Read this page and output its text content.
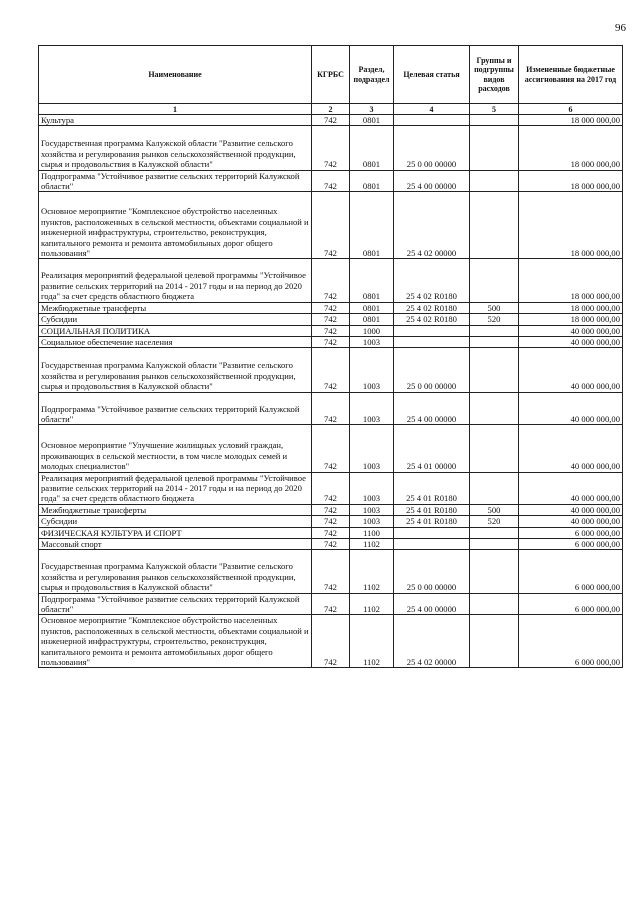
96
Наименование	КГРБС	Раздел, подраздел	Целевая статья	Группы и подгруппы видов расходов	Измененные бюджетные ассигнования на 2017 год
1	2	3	4	5	6

Культура	742	0801			18 000 000,00

Государственная программа Калужской области "Развитие сельского хозяйства и регулирования рынков сельскохозяйственной продукции, сырья и продовольствия в Калужской области"	742	0801	25 0 00 00000		18 000 000,00

Подпрограмма "Устойчивое развитие сельских территорий Калужской области"	742	0801	25 4 00 00000		18 000 000,00

Основное мероприятие "Комплексное обустройство населенных пунктов, расположенных в сельской местности, объектами социальной и инженерной инфраструктуры, строительство, реконструкция, капитального ремонта и ремонта автомобильных дорог общего пользования"	742	0801	25 4 02 00000		18 000 000,00

Реализация мероприятий федеральной целевой программы "Устойчивое развитие сельских территорий на 2014 - 2017 годы и на период до 2020 года" за счет средств областного бюджета	742	0801	25 4 02 R0180		18 000 000,00

Межбюджетные трансферты	742	0801	25 4 02 R0180	500	18 000 000,00

Субсидии	742	0801	25 4 02 R0180	520	18 000 000,00

СОЦИАЛЬНАЯ ПОЛИТИКА	742	1000			40 000 000,00

Социальное обеспечение населения	742	1003			40 000 000,00

Государственная программа Калужской области "Развитие сельского хозяйства и регулирования рынков сельскохозяйственной продукции, сырья и продовольствия в Калужской области"	742	1003	25 0 00 00000		40 000 000,00

Подпрограмма "Устойчивое развитие сельских территорий Калужской области"	742	1003	25 4 00 00000		40 000 000,00

Основное мероприятие "Улучшение жилищных условий граждан, проживающих в сельской местности, в том числе молодых семей и молодых специалистов"	742	1003	25 4 01 00000		40 000 000,00

Реализация мероприятий федеральной целевой программы "Устойчивое развитие сельских территорий на 2014 - 2017 годы и на период до 2020 года" за счет средств областного бюджета	742	1003	25 4 01 R0180		40 000 000,00

Межбюджетные трансферты	742	1003	25 4 01 R0180	500	40 000 000,00

Субсидии	742	1003	25 4 01 R0180	520	40 000 000,00

ФИЗИЧЕСКАЯ КУЛЬТУРА И СПОРТ	742	1100			6 000 000,00

Массовый спорт	742	1102			6 000 000,00

Государственная программа Калужской области "Развитие сельского хозяйства и регулирования рынков сельскохозяйственной продукции, сырья и продовольствия в Калужской области"	742	1102	25 0 00 00000		6 000 000,00

Подпрограмма "Устойчивое развитие сельских территорий Калужской области"	742	1102	25 4 00 00000		6 000 000,00

Основное мероприятие "Комплексное обустройство населенных пунктов, расположенных в сельской местности, объектами социальной и инженерной инфраструктуры, строительство, реконструкция, капитального ремонта и ремонта автомобильных дорог общего пользования"	742	1102	25 4 02 00000		6 000 000,00
